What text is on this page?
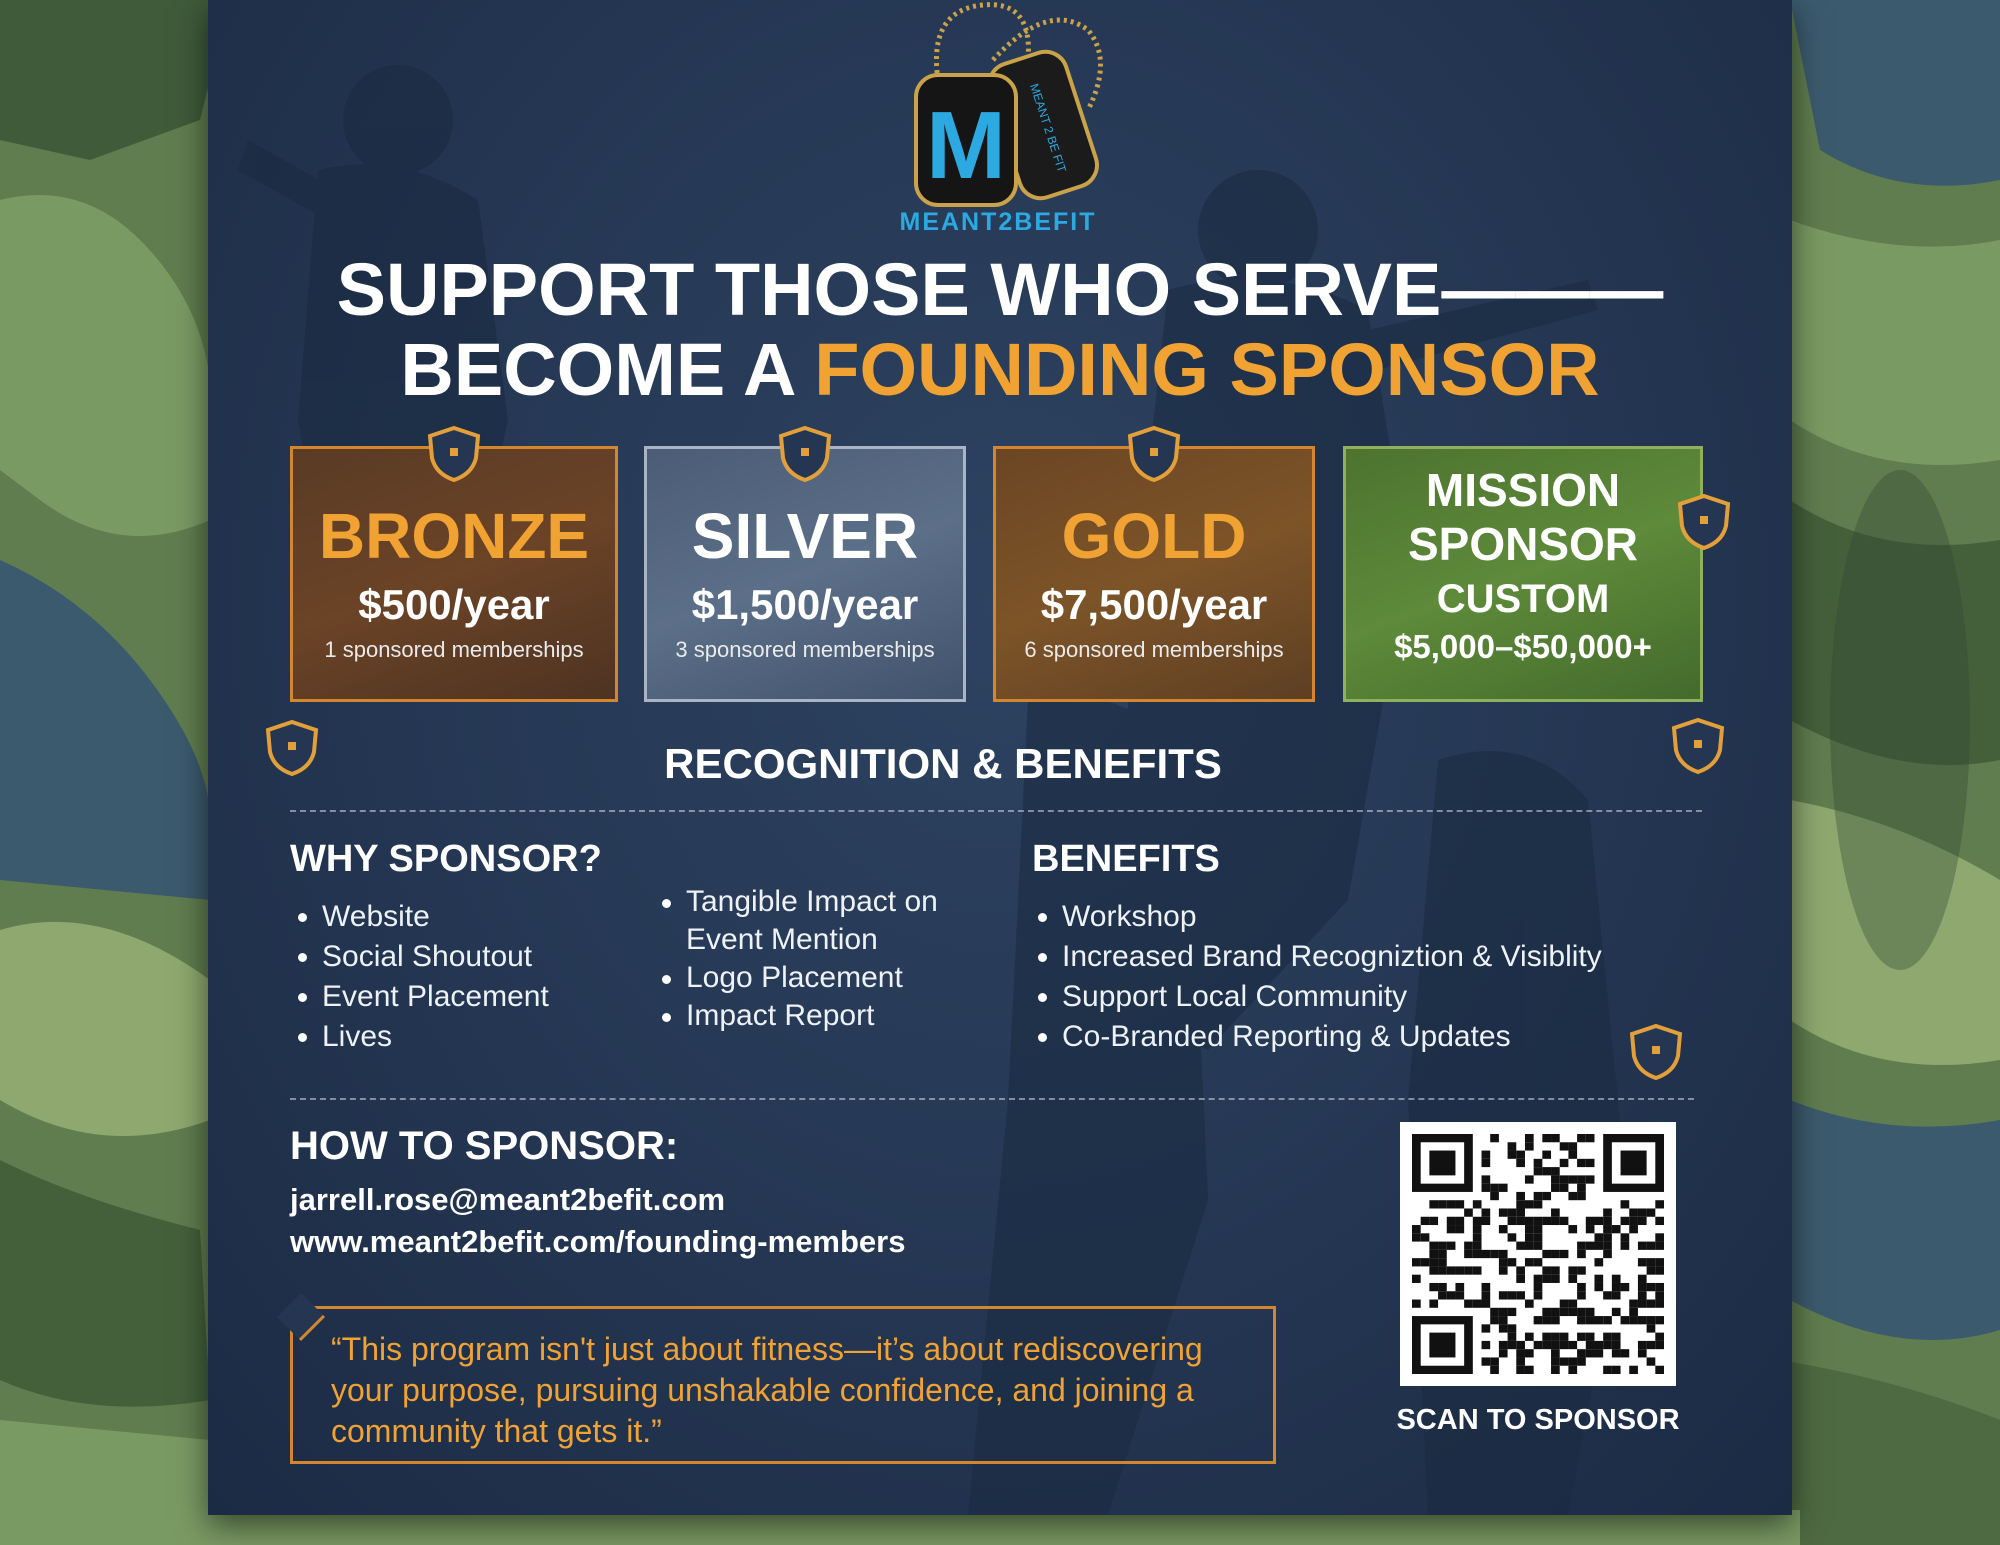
M MEANT 2 BE FIT
MEANT2BEFIT
SUPPORT THOSE WHO SERVE———
BECOME A FOUNDING SPONSOR
BRONZE
$500/year
1 sponsored memberships
SILVER
$1,500/year
3 sponsored memberships
GOLD
$7,500/year
6 sponsored memberships
MISSION
SPONSOR
CUSTOM
$5,000–$50,000+
RECOGNITION & BENEFITS
WHY SPONSOR?
Website
Social Shoutout
Event Placement
Lives
Tangible Impact on
Event Mention
Logo Placement
Impact Report
BENEFITS
Workshop
Increased Brand Recogniztion & Visiblity
Support Local Community
Co-Branded Reporting & Updates
HOW TO SPONSOR:
jarrell.rose@meant2befit.com
www.meant2befit.com/founding-members
“This program isn't just about fitness—it’s about rediscovering your purpose, pursuing unshakable confidence, and joining a community that gets it.”	SCAN TO SPONSOR
